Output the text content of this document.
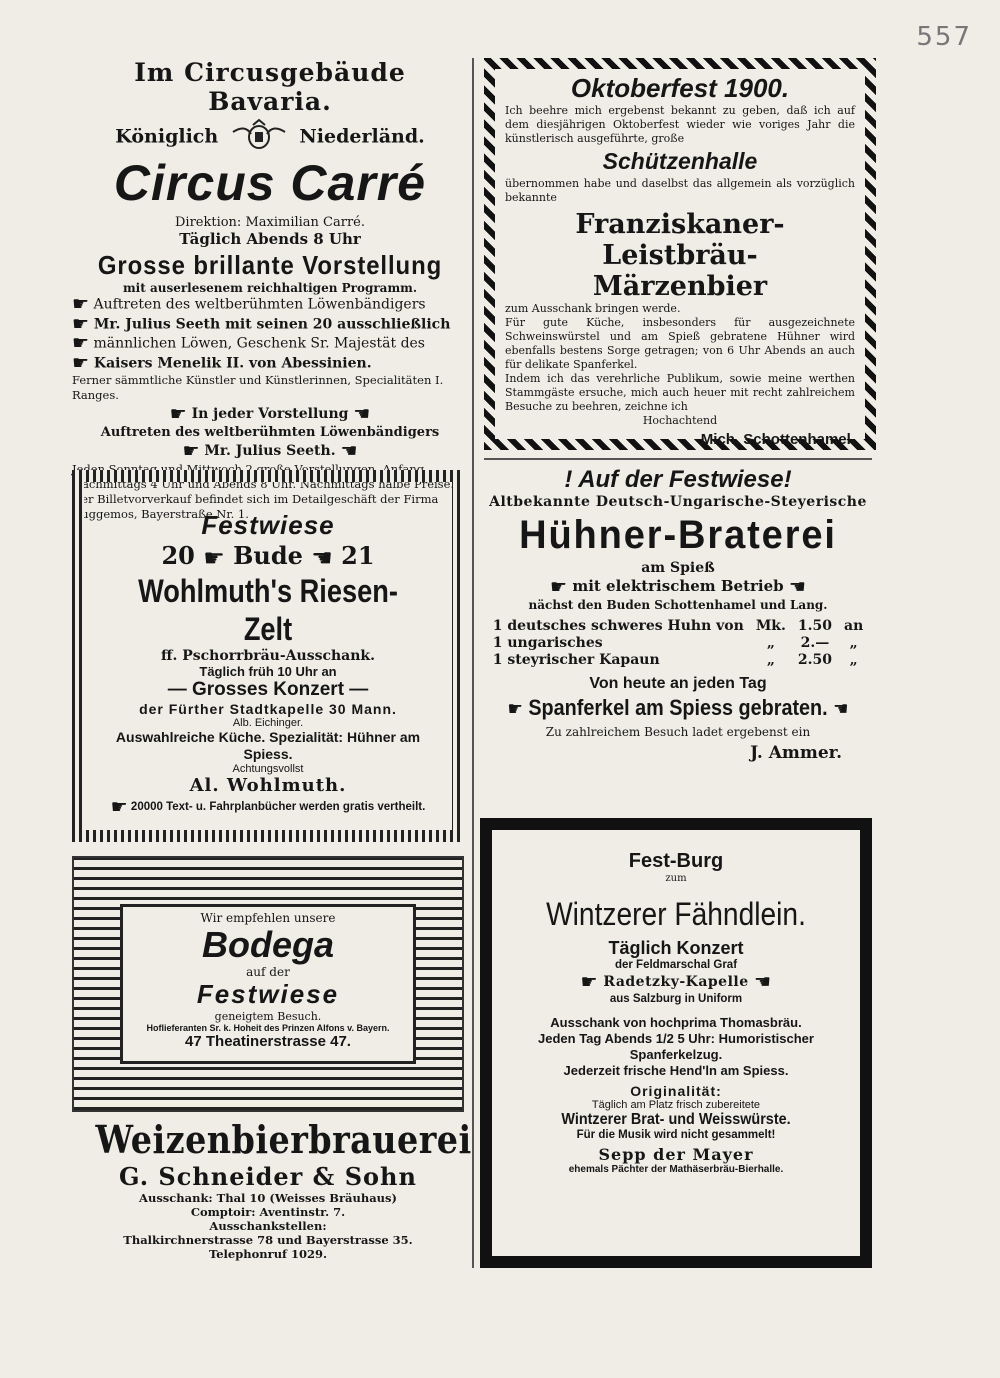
557
Im Circusgebäude Bavaria.
Königlich	Niederländ.
Circus Carré
Direktion: Maximilian Carré.
Täglich Abends 8 Uhr
Grosse brillante Vorstellung
mit auserlesenem reichhaltigen Programm.
☛ Auftreten des weltberühmten Löwenbändigers
☛ Mr. Julius Seeth mit seinen 20 ausschließlich
☛ männlichen Löwen, Geschenk Sr. Majestät des
☛ Kaisers Menelik II. von Abessinien.
Ferner sämmtliche Künstler und Künstlerinnen, Specialitäten I. Ranges.
☛ In jeder Vorstellung ☚
Auftreten des weltberühmten Löwenbändigers
☛ Mr. Julius Seeth. ☚
Jeden Sonntag und Mittwoch 2 große Vorstellungen, Anfang Nachmittags 4 Uhr und Abends 8 Uhr. Nachmittags halbe Preise.
Der Billetvorverkauf befindet sich im Detailgeschäft der Firma Guggemos, Bayerstraße Nr. 1.
Oktoberfest 1900.
Ich beehre mich ergebenst bekannt zu geben, daß ich auf dem diesjährigen Oktoberfest wieder wie voriges Jahr die künstlerisch ausgeführte, große
Schützenhalle
übernommen habe und daselbst das allgemein als vorzüglich bekannte
Franziskaner-Leistbräu-
Märzenbier
zum Ausschank bringen werde.
Für gute Küche, insbesonders für ausgezeichnete Schweinswürstel und am Spieß gebratene Hühner wird ebenfalls bestens Sorge getragen; von 6 Uhr Abends an auch für delikate Spanferkel.
Indem ich das verehrliche Publikum, sowie meine werthen Stammgäste ersuche, mich auch heuer mit recht zahlreichem Besuche zu beehren, zeichne ich
Hochachtend
Mich. Schottenhamel.
Festwiese
20 ☛ Bude ☚ 21
Wohlmuth's Riesen-Zelt
ff. Pschorrbräu-Ausschank.
Täglich früh 10 Uhr an
— Grosses Konzert —
der Fürther Stadtkapelle 30 Mann.
Alb. Eichinger.
Auswahlreiche Küche. Spezialität: Hühner am Spiess.
Achtungsvollst
Al. Wohlmuth.
☛ 20000 Text- u. Fahrplanbücher werden gratis vertheilt.
! Auf der Festwiese!
Altbekannte Deutsch-Ungarische-Steyerische
Hühner-Braterei
am Spieß
☛ mit elektrischem Betrieb ☚
nächst den Buden Schottenhamel und Lang.
1 deutsches schweres Huhn von	Mk.	1.50	an
1 ungarisches	„	2.—	„
1 steyrischer Kapaun	„	2.50	„
Von heute an jeden Tag
☛ Spanferkel am Spiess gebraten. ☚
Zu zahlreichem Besuch ladet ergebenst ein
J. Ammer.
Wir empfehlen unsere
Bodega
auf der
Festwiese
geneigtem Besuch.
Hoflieferanten Sr. k. Hoheit des Prinzen Alfons v. Bayern.
47 Theatinerstrasse 47.
Weizenbierbrauerei
G. Schneider & Sohn
Ausschank: Thal 10 (Weisses Bräuhaus)
Comptoir: Aventinstr. 7.
Ausschankstellen:
Thalkirchnerstrasse 78 und Bayerstrasse 35.
Telephonruf 1029.
Fest-Burg
zum
Wintzerer Fähndlein.
Täglich Konzert
der Feldmarschal Graf
☛ Radetzky-Kapelle ☚
aus Salzburg in Uniform
Ausschank von hochprima Thomasbräu.
Jeden Tag Abends 1/2 5 Uhr: Humoristischer Spanferkelzug.
Jederzeit frische Hend'ln am Spiess.
Originalität:
Täglich am Platz frisch zubereitete
Wintzerer Brat- und Weisswürste.
Für die Musik wird nicht gesammelt!
Sepp der Mayer
ehemals Pächter der Mathäserbräu-Bierhalle.
